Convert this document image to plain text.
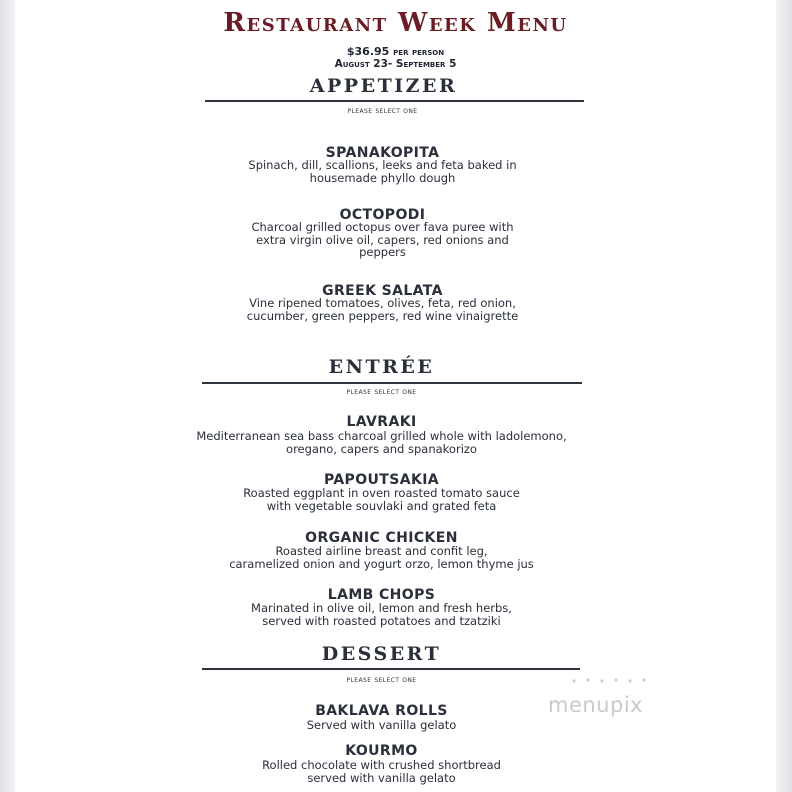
Restaurant Week Menu
$36.95 per person
August 23- September 5
APPETIZER
please select one
SPANAKOPITA
Spinach, dill, scallions, leeks and feta baked in
housemade phyllo dough
OCTOPODI
Charcoal grilled octopus over fava puree with
extra virgin olive oil, capers, red onions and
peppers
GREEK SALATA
Vine ripened tomatoes, olives, feta, red onion,
cucumber, green peppers, red wine vinaigrette
ENTRÉE
please select one
LAVRAKI
Mediterranean sea bass charcoal grilled whole with ladolemono,
oregano, capers and spanakorizo
PAPOUTSAKIA
Roasted eggplant in oven roasted tomato sauce
with vegetable souvlaki and grated feta
ORGANIC CHICKEN
Roasted airline breast and confit leg,
caramelized onion and yogurt orzo, lemon thyme jus
LAMB CHOPS
Marinated in olive oil, lemon and fresh herbs,
served with roasted potatoes and tzatziki
DESSERT
please select one
BAKLAVA ROLLS
Served with vanilla gelato
KOURMO
Rolled chocolate with crushed shortbread
served with vanilla gelato
menupix
